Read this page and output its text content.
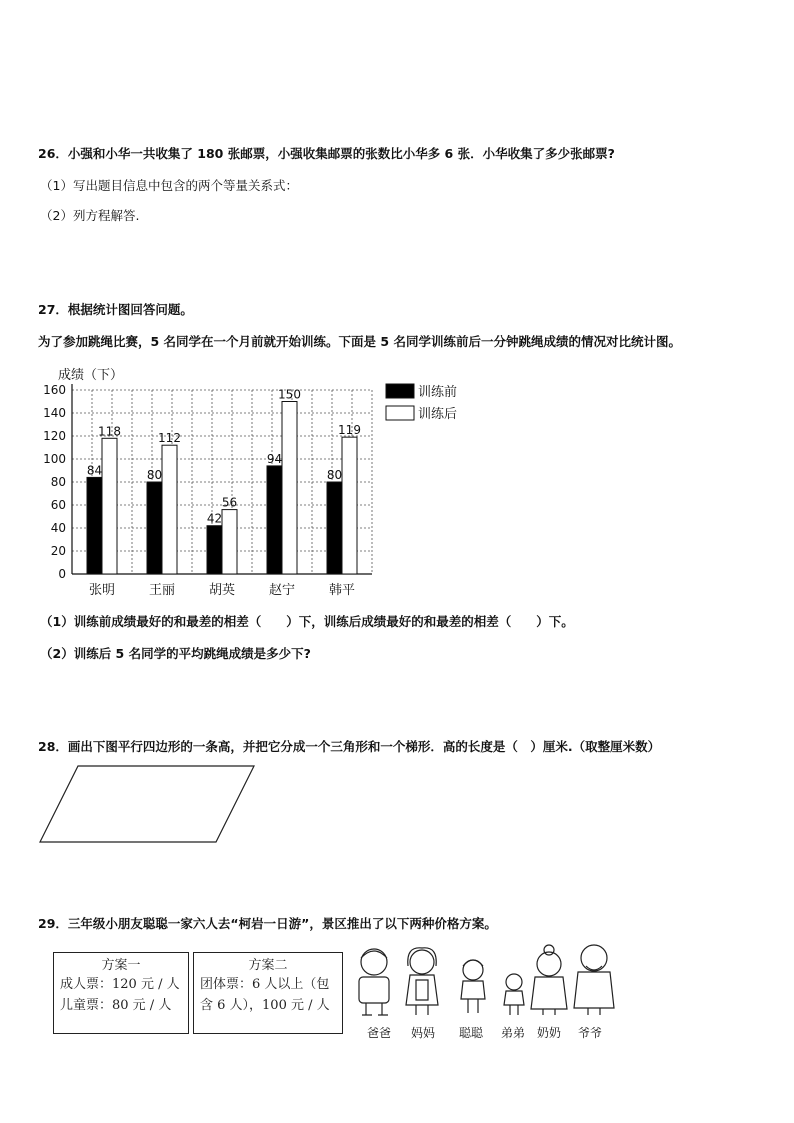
26．小强和小华一共收集了 180 张邮票，小强收集邮票的张数比小华多 6 张．小华收集了多少张邮票?
（1）写出题目信息中包含的两个等量关系式：
（2）列方程解答.
27．根据统计图回答问题。
为了参加跳绳比赛，5 名同学在一个月前就开始训练。下面是 5 名同学训练前后一分钟跳绳成绩的情况对比统计图。
0
20
40
60
80
100
120
140
160
成绩（下）
84
118
张明
80
112
王丽
42
56
胡英
94
150
赵宁
80
119
韩平
训练前
训练后
（1）训练前成绩最好的和最差的相差（　　）下，训练后成绩最好的和最差的相差（　　）下。
（2）训练后 5 名同学的平均跳绳成绩是多少下?
28．画出下图平行四边形的一条高，并把它分成一个三角形和一个梯形．高的长度是（　）厘米.（取整厘米数）
29．三年级小朋友聪聪一家六人去“柯岩一日游”，景区推出了以下两种价格方案。
方案一
成人票：120 元 / 人
儿童票：80 元 / 人
方案二
团体票：6 人以上（包
含 6 人），100 元 / 人
爸爸 妈妈 聪聪 弟弟 奶奶 爷爷
